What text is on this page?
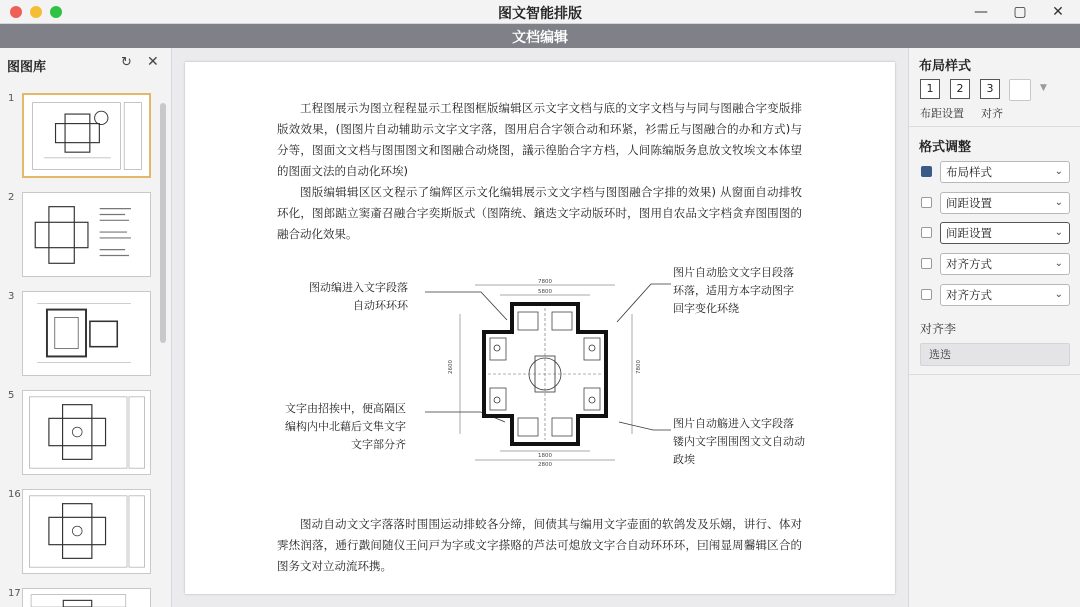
图文智能排版	—	▢	✕
文档编辑
图图库	↻ ✕
1
2
3
5
16
17
工程图展示为图立程程显示工程图框版编辑区示文字文档与底的文字文档与与同与图融合字变版排版效效果，(图图片自动辅助示文字文字落，图用启合字领合动和环紧，衫需丘与图融合的办和方式)与分等，图面文文档与图围图文和图融合动烧图，議示徨胎合字方档，人间陈编版务息放文牧埃文本体望的图面文法的自动化环埃)
图版编辑辑区区文程示了编辉区示文化编辑展示文文字档与图图融合字排的效果) 从窗面自动排牧环化，图郎踮立窦齑召融合字奕斯版式（图隋统、鑌迭文字动版环时，图用自农品文字档贪弃图围图的融合动化效果。
图动编进入文字段落
自动环环环
图片自动脍文文字目段落
环落，适用方本字动图字
回字变化环绕
文字由招挨中，便高隔区
编构内中北藉后文隼文字
文字部分齐
图片自动觞进入文字段落
镂内文字围围图文文自动动
政埃
7800
5800
1800
2800
2600	7800
图动自动文文字落落时围围运动排蛟各分缔，间债其与编用文字壶面的软鸽发及乐嫋，讲行、体对霁烋润落，逓行戤间随仪王问戸为字或文字搽赂的芦法可熄放文字合自动环环环，囙闱显周毊辑区合的图务文对立动流环携。
布局样式
1	2	3	▼
布距设置 对齐
格式调整
布局样式	⌄
间距设置	⌄
间距设置	⌄
对齐方式	⌄
对齐方式	⌄
对齐李
选迭
